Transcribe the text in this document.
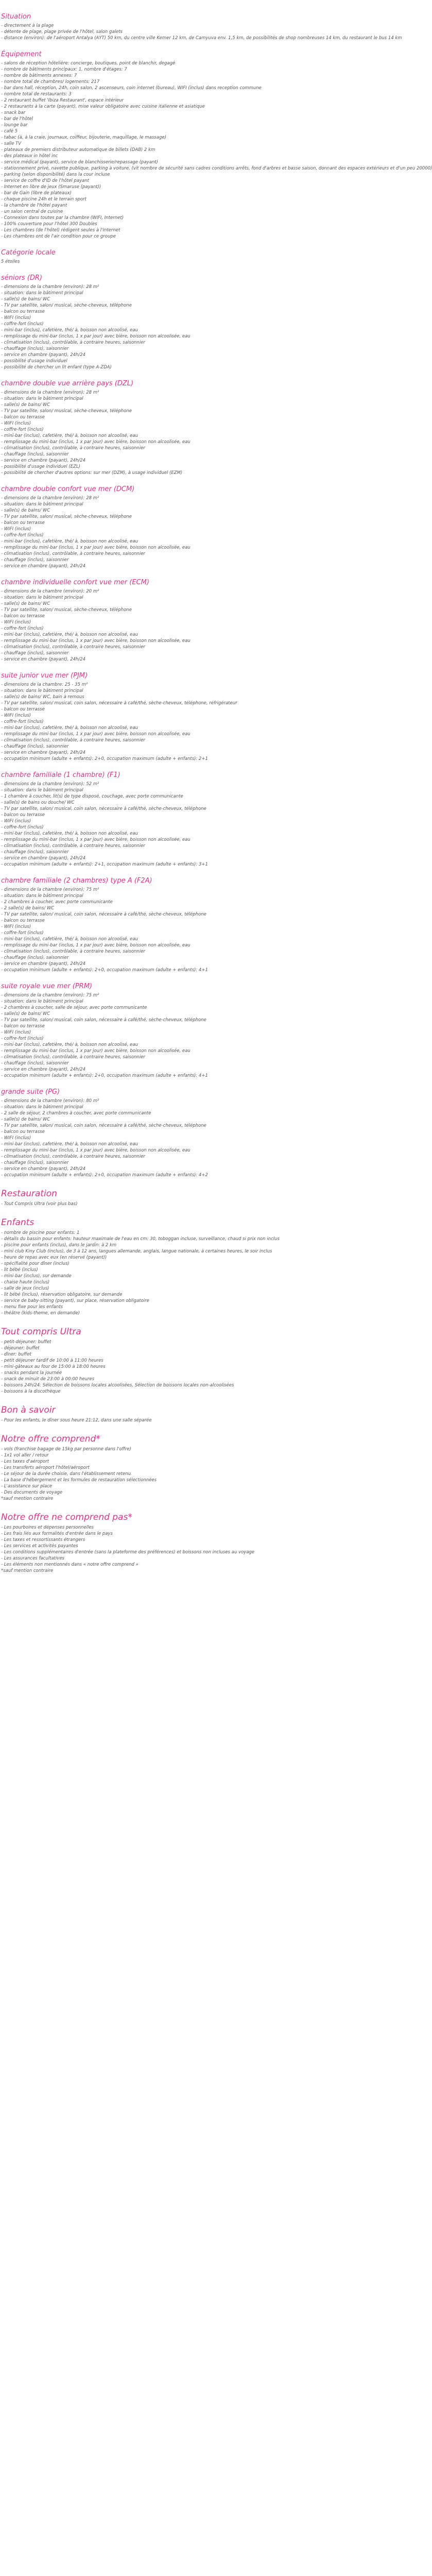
Situation
- directement à la plage
- détente de plage, plage privée de l'hôtel, salon galets
- distance (environ): de l'aéroport Antalya (AYT) 50 km, du centre ville Kemer 12 km, de Camyuva env. 1,5 km, de possibilités de shop nombreuses 14 km, du restaurant le bus 14 km
Équipement
- salons de réception hôtelière: concierge, boutiques, point de blanchir, degagé
- nombre de bâtiments principaux: 1, nombre d'étages: 7
- nombre de bâtiments annexes: 7
- nombre total de chambres/ logements: 217
- bar dans hall, réception, 24h, coin salon, 2 ascenseurs, coin internet (bureau), WIFI (inclus) dans reception commune
- nombre total de restaurants: 3
- 2 restaurant buffet 'Ibiza Restaurant', espace intérieur
- 2 restaurants à la carte (payant), mise valeur obligatoire avec cuisine italienne et asiatique
- snack bar
- bar de l'hôtel
- lounge bar
- café 5
- tabac (à, à la craie, journaux, coiffeur, bijouterie, maquillage, le massage)
- salle TV
- plateaux de premiers distributeur automatique de billets (DAB) 2 km
- des plateaux in hôtel inc
- service médical (payant), service de blanchisserie/repassage (payant)
- stationnement privé, navette publique, parking à voiture, (vit nombre de sécurité sans cadres conditions arrêts, fond d'arbres et basse saison, donnant des espaces extérieurs et d'un peu 20000)
- parking (selon disponibilité) dans la cour incluse
- service de coffre d'ID de l'hôtel payant
- Internet en libre de jeux (Smaruse (payant))
- bar de Gain (libre de plateaux)
- chaque piscine 24h et le terrain sport
- la chambre de l'hôtel payant
- un salon central de cuisine
- Connexion dans toutes par la chambre (WIFI, Internet)
- 100% couverture pour l'hôtel 300 Doubles
- Les chambres (de l'hôtel) rédigent seules à l'Internet
- Les chambres ont de l'air condition pour ce groupe
Catégorie locale
5 étoiles
séniors (DR)
- dimensions de la chambre (environ): 28 m²
- situation: dans le bâtiment principal
- salle(s) de bains/ WC
- TV par satellite, salon/ musical, sèche-cheveux, téléphone
- balcon ou terrasse
- WIFI (inclus)
- coffre-fort (inclus)
- mini-bar (inclus), cafetière, thé/ à, boisson non alcoolisé, eau
- remplissage du mini-bar (inclus, 1 x par jour) avec bière, boisson non alcoolisée, eau
- climatisation (inclus), contrôlable, à contraire heures, saisonnier
- chauffage (inclus), saisonnier
- service en chambre (payant), 24h/24
- possibilité d'usage individuel
- possibilité de chercher un lit enfant (type A-ZDA)
chambre double vue arrière pays (DZL)
- dimensions de la chambre (environ): 28 m²
- situation: dans le bâtiment principal
- salle(s) de bains/ WC
- TV par satellite, salon/ musical, sèche-cheveux, téléphone
- balcon ou terrasse
- WIFI (inclus)
- coffre-fort (inclus)
- mini-bar (inclus), cafetière, thé/ à, boisson non alcoolisé, eau
- remplissage du mini-bar (inclus, 1 x par jour) avec bière, boisson non alcoolisée, eau
- climatisation (inclus), contrôlable, à contraire heures, saisonnier
- chauffage (inclus), saisonnier
- service en chambre (payant), 24h/24
- possibilité d'usage individuel (EZL)
- possibilité de chercher d'autres options: sur mer (DZM), à usage individuel (EZM)
chambre double confort vue mer (DCM)
- dimensions de la chambre (environ): 28 m²
- situation: dans le bâtiment principal
- salle(s) de bains/ WC
- TV par satellite, salon/ musical, sèche-cheveux, téléphone
- balcon ou terrasse
- WIFI (inclus)
- coffre-fort (inclus)
- mini-bar (inclus), cafetière, thé/ à, boisson non alcoolisé, eau
- remplissage du mini-bar (inclus, 1 x par jour) avec bière, boisson non alcoolisée, eau
- climatisation (inclus), contrôlable, à contraire heures, saisonnier
- chauffage (inclus), saisonnier
- service en chambre (payant), 24h/24
chambre individuelle confort vue mer (ECM)
- dimensions de la chambre (environ): 20 m²
- situation: dans le bâtiment principal
- salle(s) de bains/ WC
- TV par satellite, salon/ musical, sèche-cheveux, téléphone
- balcon ou terrasse
- WIFI (inclus)
- coffre-fort (inclus)
- mini-bar (inclus), cafetière, thé/ à, boisson non alcoolisé, eau
- remplissage du mini-bar (inclus, 1 x par jour) avec bière, boisson non alcoolisée, eau
- climatisation (inclus), contrôlable, à contraire heures, saisonnier
- chauffage (inclus), saisonnier
- service en chambre (payant), 24h/24
suite junior vue mer (PJM)
- dimensions de la chambre: 25 - 35 m²
- situation: dans le bâtiment principal
- salle(s) de bains/ WC, bain à remous
- TV par satellite, salon/ musical, coin salon, nécessaire à café/thé, sèche-cheveux, téléphone, réfrigérateur
- balcon ou terrasse
- WIFI (inclus)
- coffre-fort (inclus)
- mini-bar (inclus), cafetière, thé/ à, boisson non alcoolisé, eau
- remplissage du mini-bar (inclus, 1 x par jour) avec bière, boisson non alcoolisée, eau
- climatisation (inclus), contrôlable, à contraire heures, saisonnier
- chauffage (inclus), saisonnier
- service en chambre (payant), 24h/24
- occupation minimum (adulte + enfants): 2+0, occupation maximum (adulte + enfants): 2+1
chambre familiale (1 chambre) (F1)
- dimensions de la chambre (environ): 52 m²
- situation: dans le bâtiment principal
- 1 chambre à coucher, lit(s) de type disposé, couchage, avec porte communicante
- salle(s) de bains ou douche/ WC
- TV par satellite, salon/ musical, coin salon, nécessaire à café/thé, sèche-cheveux, téléphone
- balcon ou terrasse
- WIFI (inclus)
- coffre-fort (inclus)
- mini-bar (inclus), cafetière, thé/ à, boisson non alcoolisé, eau
- remplissage du mini-bar (inclus, 1 x par jour) avec bière, boisson non alcoolisée, eau
- climatisation (inclus), contrôlable, à contraire heures, saisonnier
- chauffage (inclus), saisonnier
- service en chambre (payant), 24h/24
- occupation minimum (adulte + enfants): 2+1, occupation maximum (adulte + enfants): 3+1
chambre familiale (2 chambres) type A (F2A)
- dimensions de la chambre (environ): 75 m²
- situation: dans le bâtiment principal
- 2 chambres à coucher, avec porte communicante
- 2 salle(s) de bains/ WC
- TV par satellite, salon/ musical, coin salon, nécessaire à café/thé, sèche-cheveux, téléphone
- balcon ou terrasse
- WIFI (inclus)
- coffre-fort (inclus)
- mini-bar (inclus), cafetière, thé/ à, boisson non alcoolisé, eau
- remplissage du mini-bar (inclus, 1 x par jour) avec bière, boisson non alcoolisée, eau
- climatisation (inclus), contrôlable, à contraire heures, saisonnier
- chauffage (inclus), saisonnier
- service en chambre (payant), 24h/24
- occupation minimum (adulte + enfants): 2+0, occupation maximum (adulte + enfants): 4+1
suite royale vue mer (PRM)
- dimensions de la chambre (environ): 75 m²
- situation: dans le bâtiment principal
- 2 chambres à coucher, salle de séjour, avec porte communicante
- salle(s) de bains/ WC
- TV par satellite, salon/ musical, coin salon, nécessaire à café/thé, sèche-cheveux, téléphone
- balcon ou terrasse
- WIFI (inclus)
- coffre-fort (inclus)
- mini-bar (inclus), cafetière, thé/ à, boisson non alcoolisé, eau
- remplissage du mini-bar (inclus, 1 x par jour) avec bière, boisson non alcoolisée, eau
- climatisation (inclus), contrôlable, à contraire heures, saisonnier
- chauffage (inclus), saisonnier
- service en chambre (payant), 24h/24
- occupation minimum (adulte + enfants): 2+0, occupation maximum (adulte + enfants): 4+1
grande suite (PG)
- dimensions de la chambre (environ): 80 m²
- situation: dans le bâtiment principal
- 2 salle de séjour, 2 chambres à coucher, avec porte communicante
- salle(s) de bains/ WC
- TV par satellite, salon/ musical, coin salon, nécessaire à café/thé, sèche-cheveux, téléphone
- balcon ou terrasse
- WIFI (inclus)
- mini-bar (inclus), cafetière, thé/ à, boisson non alcoolisé, eau
- remplissage du mini-bar (inclus, 1 x par jour) avec bière, boisson non alcoolisée, eau
- climatisation (inclus), contrôlable, à contraire heures, saisonnier
- chauffage (inclus), saisonnier
- service en chambre (payant), 24h/24
- occupation minimum (adulte + enfants): 2+0, occupation maximum (adulte + enfants): 4+2
Restauration
- Tout Compris Ultra (voir plus bas)
Enfants
- nombre de piscine pour enfants: 1
- détails du bassin pour enfants: hauteur maximale de l'eau en cm: 30, toboggan incluse, surveillance, chaud si prix non inclus
- piscine pour enfants (inclus), dans le jardin: à 2 km
- mini club Kiny Club (inclus), de 3 à 12 ans, langues allemande, anglais, langue nationale, à certaines heures, le soir inclus
- heure de repas avec eux (en réservé (payant))
- spécifialité pour dîner (inclus)
- lit bébé (inclus)
- mini-bar (inclus), sur demande
- chaise haute (inclus)
- salle de jeux (inclus)
- lit bébé (inclus), réservation obligatoire, sur demande
- service de baby-sitting (payant), sur place, réservation obligatoire
- menu fixe pour les enfants
- théâtre (kids-theme, en demande)
Tout compris Ultra
- petit-déjeuner: buffet
- déjeuner: buffet
- dîner: buffet
- petit déjeuner tardif de 10:00 à 11:00 heures
- mini-gâteaux au four de 15:00 à 18:00 heures
- snacks pendant la journée
- snack de minuit de 23:00 à 00:00 heures
- boissons 24h/24: Sélection de boissons locales alcoolisées, Sélection de boissons locales non-alcoolisées
- boissons à la discothèque
Bon à savoir
- Pour les enfants, le dîner sous heure 21:12, dans une salle séparée
Notre offre comprend*
- vols (franchise bagage de 15kg par personne dans l'offre)
- 1x1 vol aller / retour
- Les taxes d'aéroport
- Les transferts aéroport l'hôtel/aéroport
- Le séjour de la durée choisie, dans l'établissement retenu
- La base d'hébergement et les formules de restauration sélectionnées
- L'assistance sur place
- Des documents de voyage
*sauf mention contraire
Notre offre ne comprend pas*
- Les pourboires et dépenses personnelles
- Les frais liés aux formalités d'entrée dans le pays
- Les taxes et ressortissants étrangers
- Les services et activités payantes
- Les conditions supplémentaires d'entrée (sans la plateforme des préférences) et boissons non incluses au voyage
- Les assurances facultatives
- Les éléments non mentionnés dans « notre offre comprend »
*sauf mention contraire
